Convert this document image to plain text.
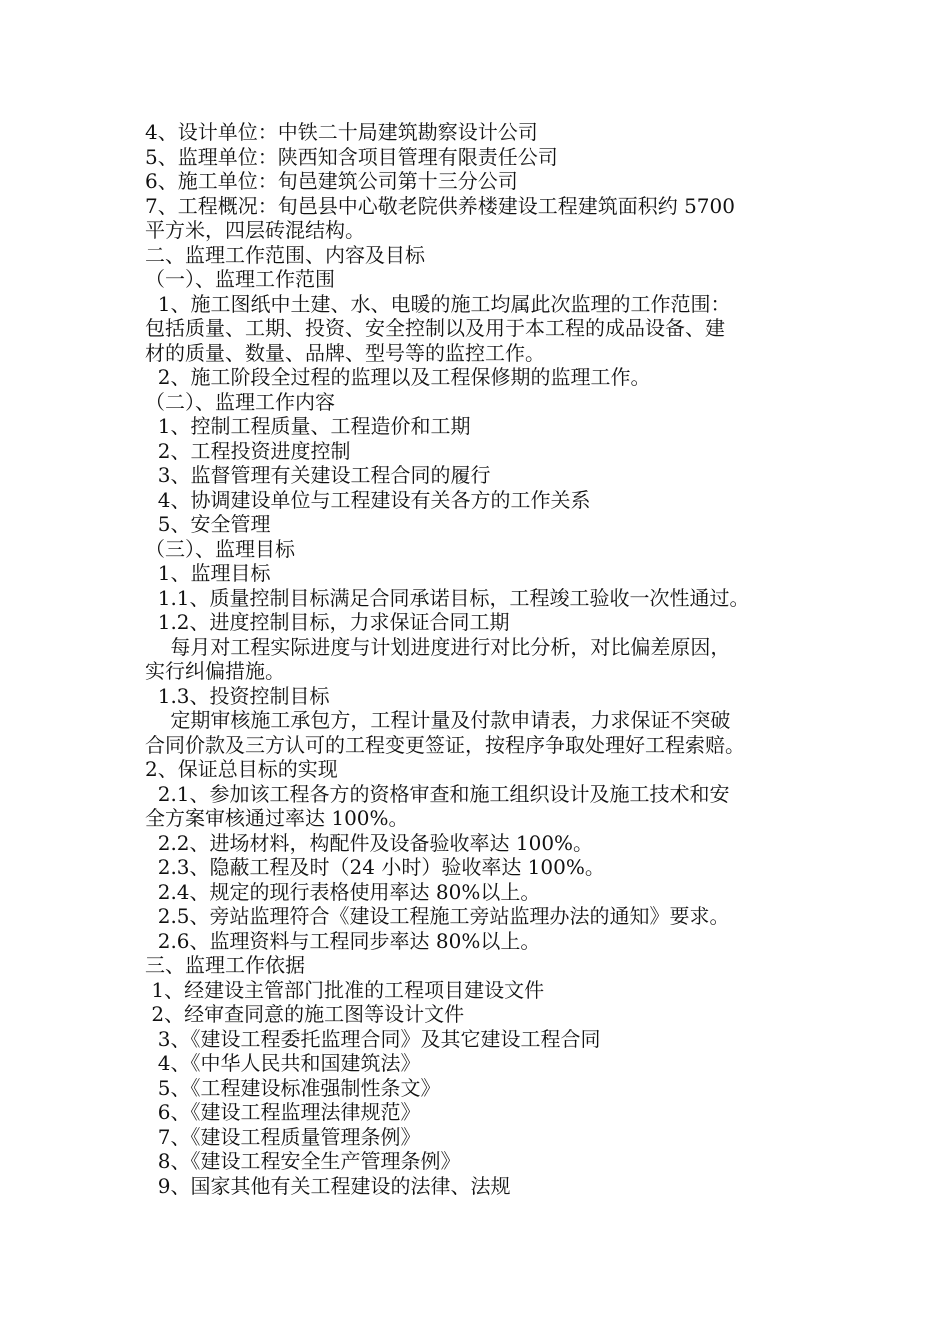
4、设计单位：中铁二十局建筑勘察设计公司
5、监理单位：陕西知含项目管理有限责任公司
6、施工单位：旬邑建筑公司第十三分公司
7、工程概况：旬邑县中心敬老院供养楼建设工程建筑面积约 5700
平方米，四层砖混结构。
二、监理工作范围、内容及目标
（一）、监理工作范围
1、施工图纸中土建、水、电暖的施工均属此次监理的工作范围：
包括质量、工期、投资、安全控制以及用于本工程的成品设备、建
材的质量、数量、品牌、型号等的监控工作。
2、施工阶段全过程的监理以及工程保修期的监理工作。
（二）、监理工作内容
1、控制工程质量、工程造价和工期
2、工程投资进度控制
3、监督管理有关建设工程合同的履行
4、协调建设单位与工程建设有关各方的工作关系
5、安全管理
（三）、监理目标
1、监理目标
1.1、质量控制目标满足合同承诺目标，工程竣工验收一次性通过。
1.2、进度控制目标，力求保证合同工期
每月对工程实际进度与计划进度进行对比分析，对比偏差原因，
实行纠偏措施。
1.3、投资控制目标
定期审核施工承包方，工程计量及付款申请表，力求保证不突破
合同价款及三方认可的工程变更签证，按程序争取处理好工程索赔。
2、保证总目标的实现
2.1、参加该工程各方的资格审查和施工组织设计及施工技术和安
全方案审核通过率达 100%。
2.2、进场材料，构配件及设备验收率达 100%。
2.3、隐蔽工程及时（24 小时）验收率达 100%。
2.4、规定的现行表格使用率达 80%以上。
2.5、旁站监理符合《建设工程施工旁站监理办法的通知》要求。
2.6、监理资料与工程同步率达 80%以上。
三、监理工作依据
1、经建设主管部门批准的工程项目建设文件
2、经审查同意的施工图等设计文件
3、《建设工程委托监理合同》及其它建设工程合同
4、《中华人民共和国建筑法》
5、《工程建设标准强制性条文》
6、《建设工程监理法律规范》
7、《建设工程质量管理条例》
8、《建设工程安全生产管理条例》
9、国家其他有关工程建设的法律、法规
